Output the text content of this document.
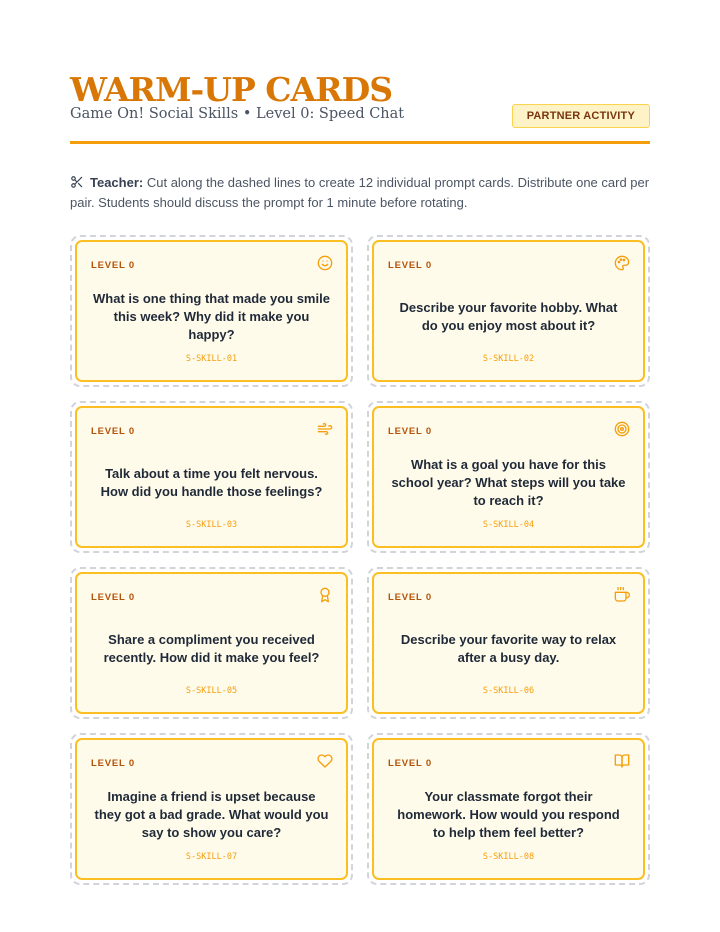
WARM-UP CARDS
Game On! Social Skills • Level 0: Speed Chat	PARTNER ACTIVITY
Teacher: Cut along the dashed lines to create 12 individual prompt cards. Distribute one card per pair. Students should discuss the prompt for 1 minute before rotating.
LEVEL 0
What is one thing that made you smile this week? Why did it make you happy?
S-SKILL-01
LEVEL 0
Describe your favorite hobby. What do you enjoy most about it?
S-SKILL-02
LEVEL 0
Talk about a time you felt nervous. How did you handle those feelings?
S-SKILL-03
LEVEL 0
What is a goal you have for this school year? What steps will you take to reach it?
S-SKILL-04
LEVEL 0
Share a compliment you received recently. How did it make you feel?
S-SKILL-05
LEVEL 0
Describe your favorite way to relax after a busy day.
S-SKILL-06
LEVEL 0
Imagine a friend is upset because they got a bad grade. What would you say to show you care?
S-SKILL-07
LEVEL 0
Your classmate forgot their homework. How would you respond to help them feel better?
S-SKILL-08
